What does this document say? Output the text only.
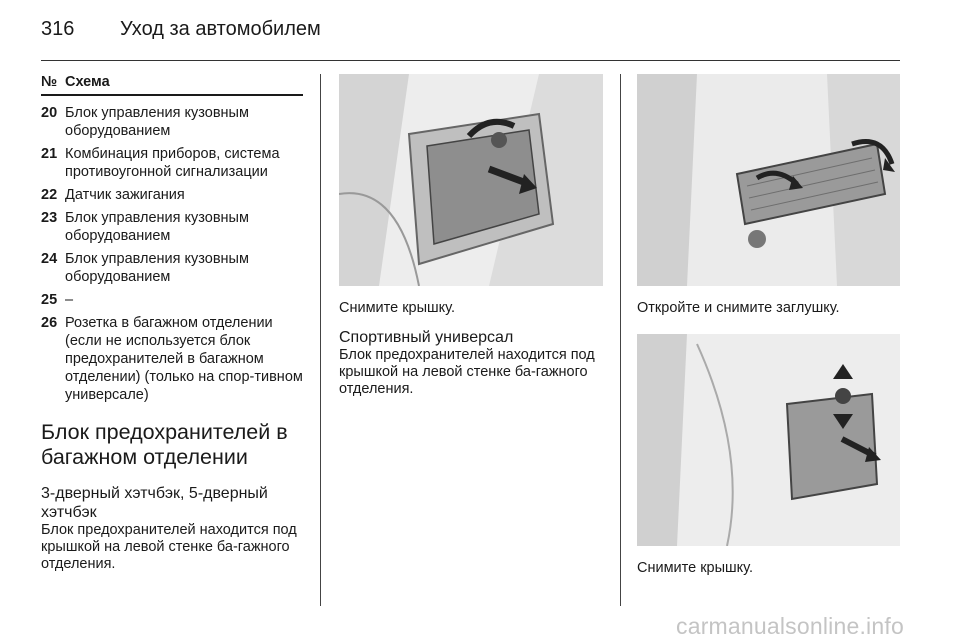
316 Уход за автомобилем
№ Схема
20 Блок управления кузовным оборудованием
21 Комбинация приборов, система противоугонной сигнализации
22 Датчик зажигания
23 Блок управления кузовным оборудованием
24 Блок управления кузовным оборудованием
25 –
26 Розетка в багажном отделении (если не используется блок предохранителей в багажном отделении) (только на спор-тивном универсале)
Блок предохранителей в багажном отделении
3-дверный хэтчбэк, 5-дверный хэтчбэк
Блок предохранителей находится под крышкой на левой стенке ба-гажного отделения.
Снимите крышку.
Спортивный универсал
Блок предохранителей находится под крышкой на левой стенке ба-гажного отделения.
Откройте и снимите заглушку.
Снимите крышку.
carmanualsonline.info
